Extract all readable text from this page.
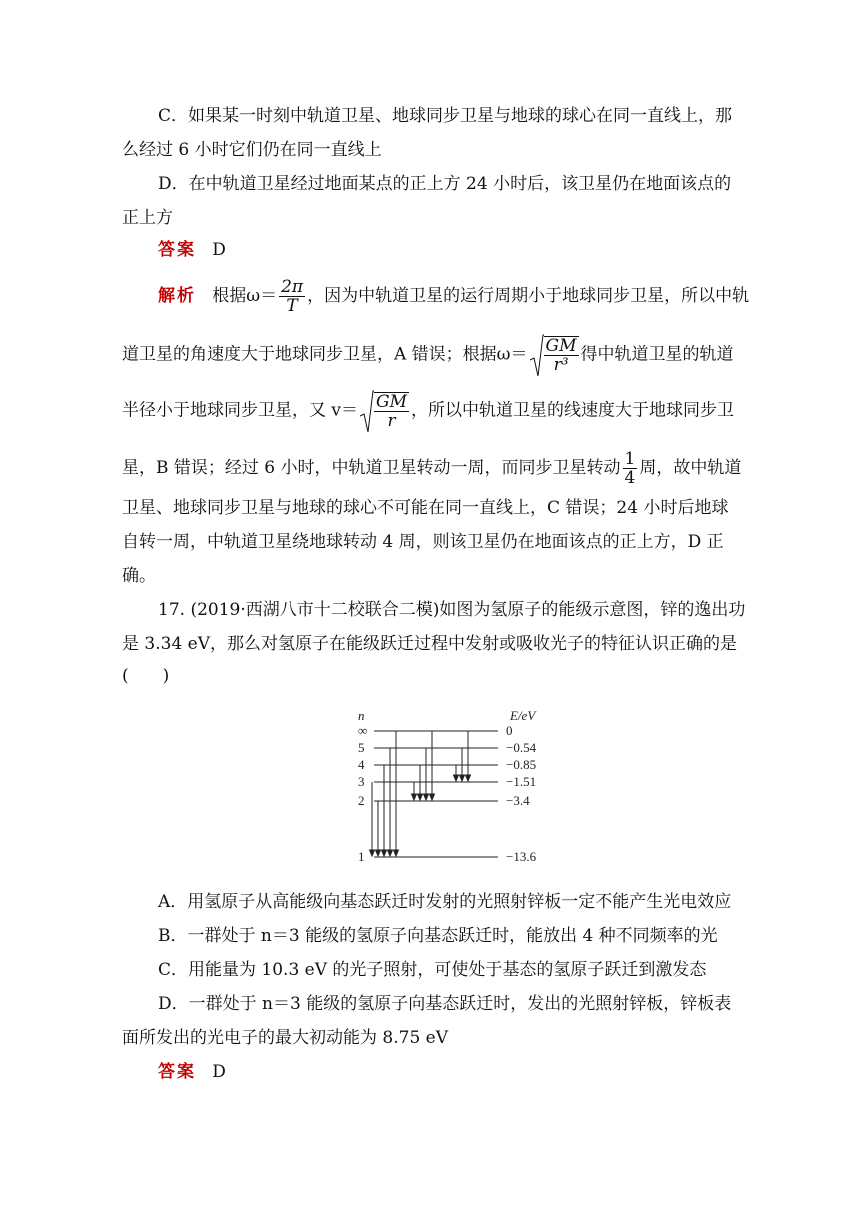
C．如果某一时刻中轨道卫星、地球同步卫星与地球的球心在同一直线上，那
么经过 6 小时它们仍在同一直线上
D．在中轨道卫星经过地面某点的正上方 24 小时后，该卫星仍在地面该点的
正上方
答案 D
解析 根据$\omega= \frac{2\pi}{T}$ ，因为中轨道卫星的运行周期小于地球同步卫星，所以中轨
道卫星的角速度大于地球同步卫星，A 错误；根据$\omega= \frac{GM}{\text{r³}}$ 得中轨道卫星的轨道
半径小于地球同步卫星，又 $v= \frac{GM}{r}$ ，所以中轨道卫星的线速度大于地球同步卫
星，B 错误；经过 6 小时，中轨道卫星转动一周，而同步卫星转动 $\frac{1}{4}$ 周，故中轨道
卫星、地球同步卫星与地球的球心不可能在同一直线上，C 错误；24 小时后地球
自转一周，中轨道卫星绕地球转动 4 周，则该卫星仍在地面该点的正上方，D 正
确。
17. (2019·西湖八市十二校联合二模)如图为氢原子的能级示意图，锌的逸出功
是 3.34 eV，那么对氢原子在能级跃迁过程中发射或吸收光子的特征认识正确的是
(　　)
n	E/eV
∞	0
5	−0.54
4	−0.85
3	−1.51
2	−3.4
1	−13.6
A．用氢原子从高能级向基态跃迁时发射的光照射锌板一定不能产生光电效应
B．一群处于 n＝3 能级的氢原子向基态跃迁时，能放出 4 种不同频率的光
C．用能量为 10.3 eV 的光子照射，可使处于基态的氢原子跃迁到激发态
D．一群处于 n＝3 能级的氢原子向基态跃迁时，发出的光照射锌板，锌板表
面所发出的光电子的最大初动能为 8.75 eV
答案 D
